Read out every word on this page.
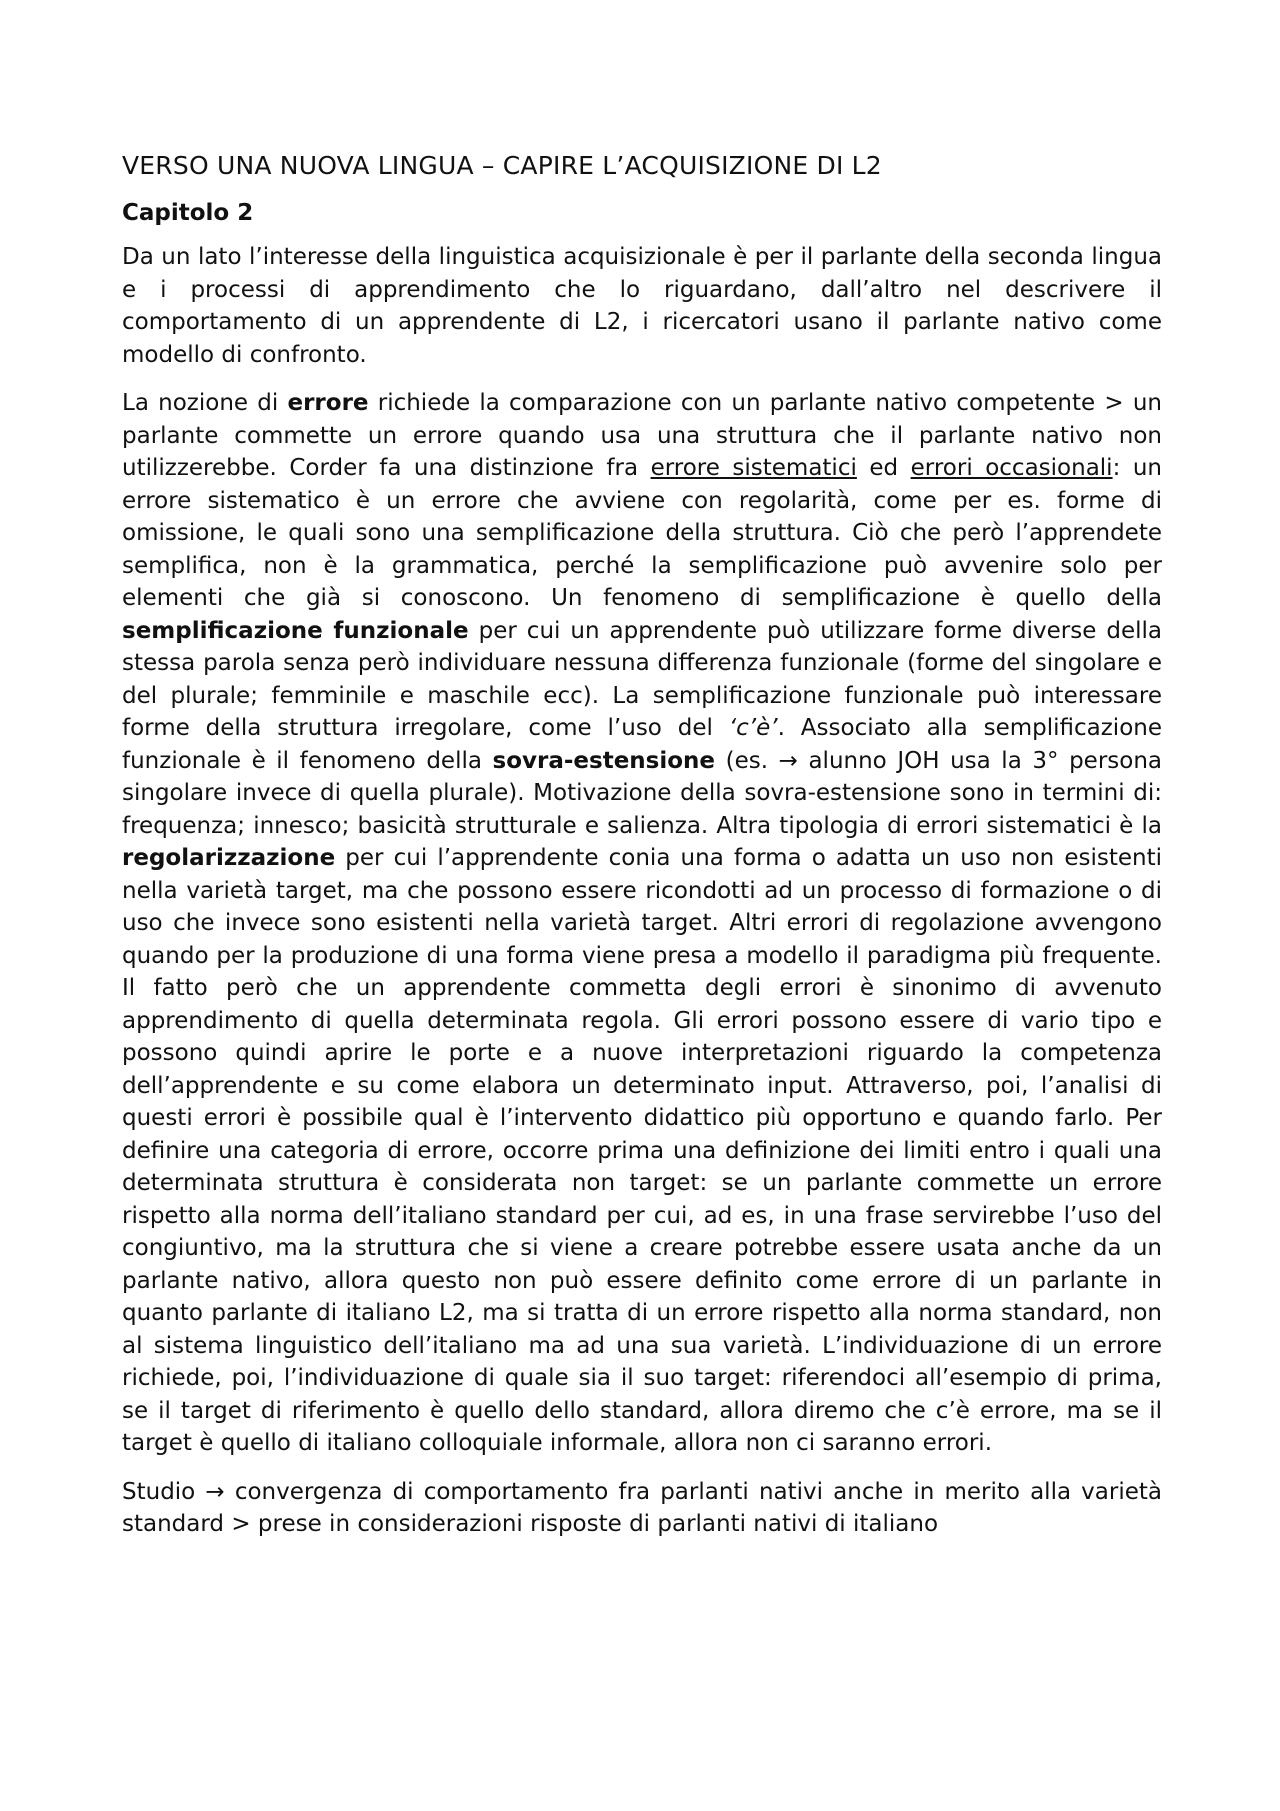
VERSO UNA NUOVA LINGUA – CAPIRE L’ACQUISIZIONE DI L2
Capitolo 2

Da un lato l’interesse della linguistica acquisizionale è per il parlante della seconda lingua e i processi di apprendimento che lo riguardano, dall’altro nel descrivere il comportamento di un apprendente di L2, i ricercatori usano il parlante nativo come modello di confronto.

La nozione di errore richiede la comparazione con un parlante nativo competente > un parlante commette un errore quando usa una struttura che il parlante nativo non utilizzerebbe. Corder fa una distinzione fra errore sistematici ed errori occasionali: un errore sistematico è un errore che avviene con regolarità, come per es. forme di omissione, le quali sono una semplificazione della struttura. Ciò che però l’apprendete semplifica, non è la grammatica, perché la semplificazione può avvenire solo per elementi che già si conoscono. Un fenomeno di semplificazione è quello della semplificazione funzionale per cui un apprendente può utilizzare forme diverse della stessa parola senza però individuare nessuna differenza funzionale (forme del singolare e del plurale; femminile e maschile ecc). La semplificazione funzionale può interessare forme della struttura irregolare, come l’uso del ‘c’è’. Associato alla semplificazione funzionale è il fenomeno della sovra-estensione (es. → alunno JOH usa la 3° persona singolare invece di quella plurale). Motivazione della sovra-estensione sono in termini di: frequenza; innesco; basicità strutturale e salienza. Altra tipologia di errori sistematici è la regolarizzazione per cui l’apprendente conia una forma o adatta un uso non esistenti nella varietà target, ma che possono essere ricondotti ad un processo di formazione o di uso che invece sono esistenti nella varietà target. Altri errori di regolazione avvengono quando per la produzione di una forma viene presa a modello il paradigma più frequente. Il fatto però che un apprendente commetta degli errori è sinonimo di avvenuto apprendimento di quella determinata regola. Gli errori possono essere di vario tipo e possono quindi aprire le porte e a nuove interpretazioni riguardo la competenza dell’apprendente e su come elabora un determinato input. Attraverso, poi, l’analisi di questi errori è possibile qual è l’intervento didattico più opportuno e quando farlo. Per definire una categoria di errore, occorre prima una definizione dei limiti entro i quali una determinata struttura è considerata non target: se un parlante commette un errore rispetto alla norma dell’italiano standard per cui, ad es, in una frase servirebbe l’uso del congiuntivo, ma la struttura che si viene a creare potrebbe essere usata anche da un parlante nativo, allora questo non può essere definito come errore di un parlante in quanto parlante di italiano L2, ma si tratta di un errore rispetto alla norma standard, non al sistema linguistico dell’italiano ma ad una sua varietà. L’individuazione di un errore richiede, poi, l’individuazione di quale sia il suo target: riferendoci all’esempio di prima, se il target di riferimento è quello dello standard, allora diremo che c’è errore, ma se il target è quello di italiano colloquiale informale, allora non ci saranno errori.

Studio → convergenza di comportamento fra parlanti nativi anche in merito alla varietà standard > prese in considerazioni risposte di parlanti nativi di italiano
